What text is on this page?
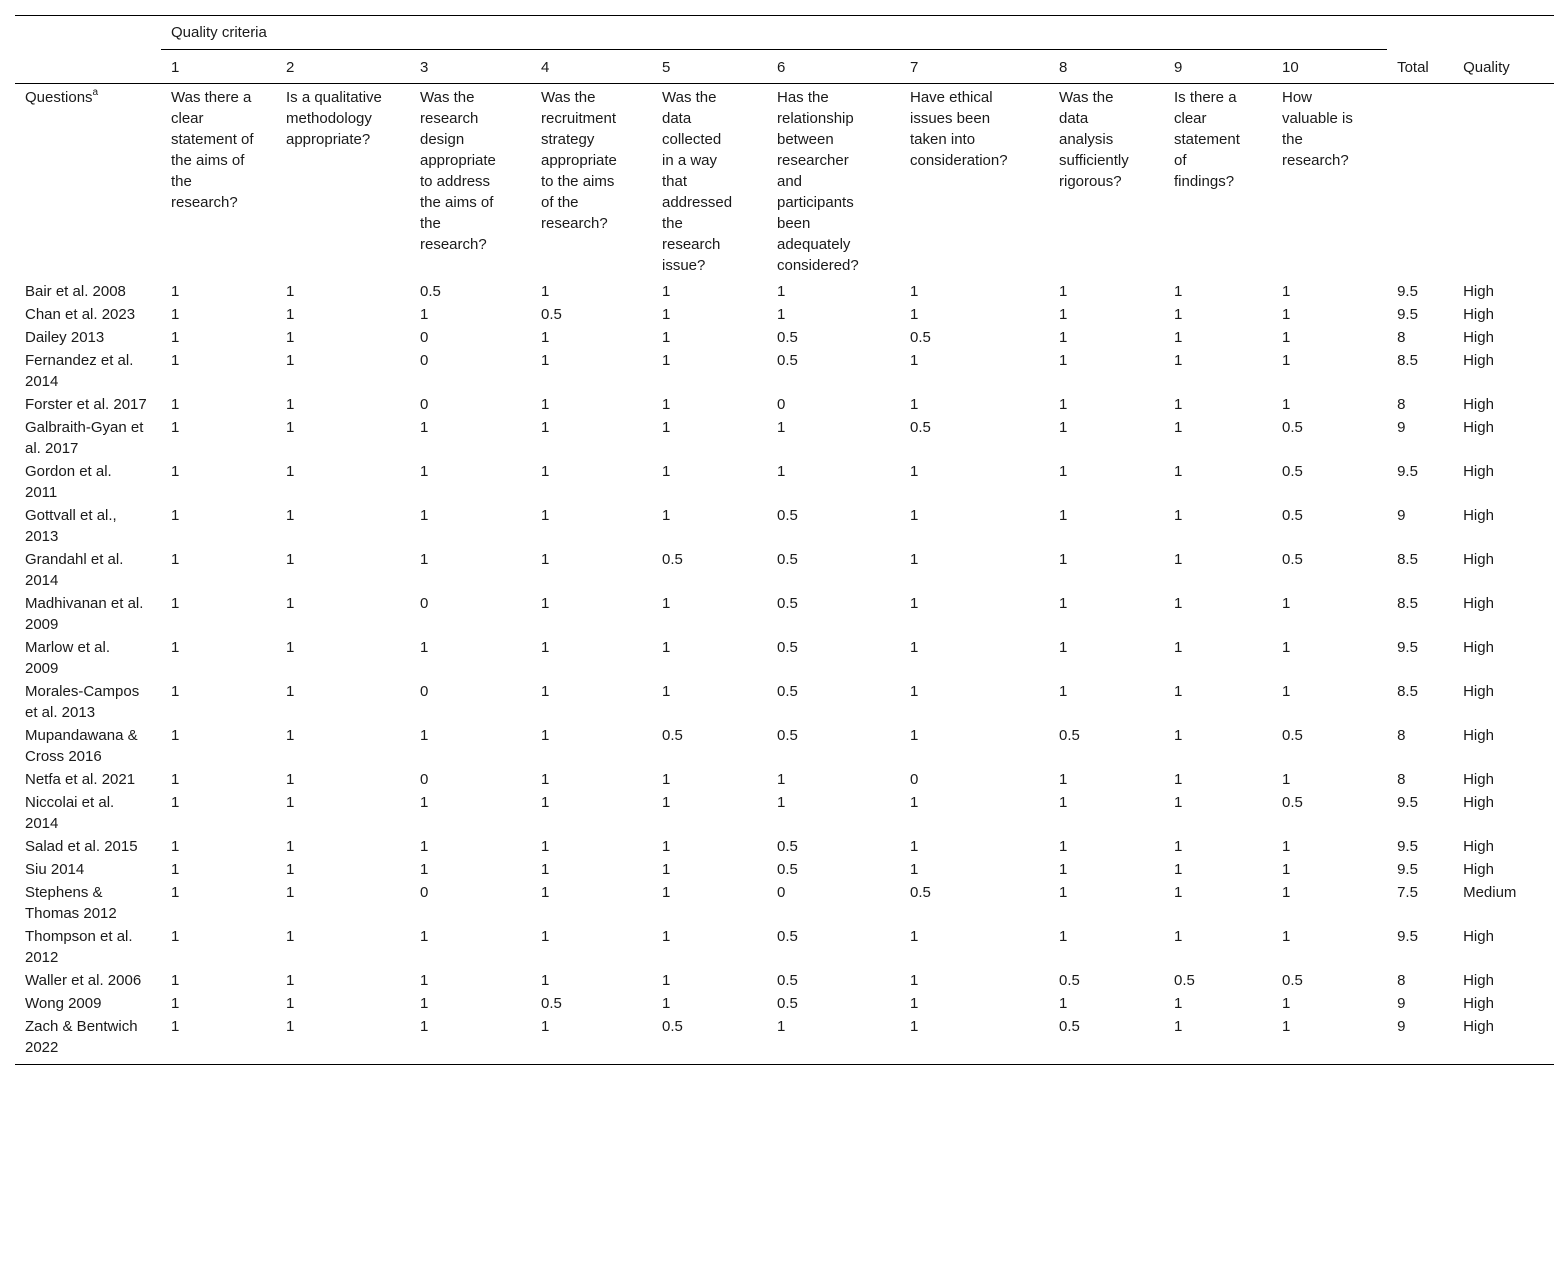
	Quality criteria											
	1	2	3	4	5	6	7	8	9	10	Total	Quality
Questions$^a$	Was there a clear statement of the aims of the research?	Is a qualitative methodology appropriate?	Was the research design appropriate to address the aims of the research?	Was the recruitment strategy appropriate to the aims of the research?	Was the data collected in a way that addressed the research issue?	Has the relationship between researcher and participants been adequately considered?	Have ethical issues been taken into consideration?	Was the data analysis sufficiently rigorous?	Is there a clear statement of findings?	How valuable is the research?		
Bair et al. 2008	1	1	0.5	1	1	1	1	1	1	1	9.5	High
Chan et al. 2023	1	1	1	0.5	1	1	1	1	1	1	9.5	High
Dailey 2013	1	1	0	1	1	0.5	0.5	1	1	1	8	High
Fernandez et al. 2014	1	1	0	1	1	0.5	1	1	1	1	8.5	High
Forster et al. 2017	1	1	0	1	1	0	1	1	1	1	8	High
Galbraith-Gyan et al. 2017	1	1	1	1	1	1	0.5	1	1	0.5	9	High
Gordon et al. 2011	1	1	1	1	1	1	1	1	1	0.5	9.5	High
Gottvall et al., 2013	1	1	1	1	1	0.5	1	1	1	0.5	9	High
Grandahl et al. 2014	1	1	1	1	0.5	0.5	1	1	1	0.5	8.5	High
Madhivanan et al. 2009	1	1	0	1	1	0.5	1	1	1	1	8.5	High
Marlow et al. 2009	1	1	1	1	1	0.5	1	1	1	1	9.5	High
Morales-Campos et al. 2013	1	1	0	1	1	0.5	1	1	1	1	8.5	High
Mupandawana & Cross 2016	1	1	1	1	0.5	0.5	1	0.5	1	0.5	8	High
Netfa et al. 2021	1	1	0	1	1	1	0	1	1	1	8	High
Niccolai et al. 2014	1	1	1	1	1	1	1	1	1	0.5	9.5	High
Salad et al. 2015	1	1	1	1	1	0.5	1	1	1	1	9.5	High
Siu 2014	1	1	1	1	1	0.5	1	1	1	1	9.5	High
Stephens & Thomas 2012	1	1	0	1	1	0	0.5	1	1	1	7.5	Medium
Thompson et al. 2012	1	1	1	1	1	0.5	1	1	1	1	9.5	High
Waller et al. 2006	1	1	1	1	1	0.5	1	0.5	0.5	0.5	8	High
Wong 2009	1	1	1	0.5	1	0.5	1	1	1	1	9	High
Zach & Bentwich 2022	1	1	1	1	0.5	1	1	0.5	1	1	9	High
